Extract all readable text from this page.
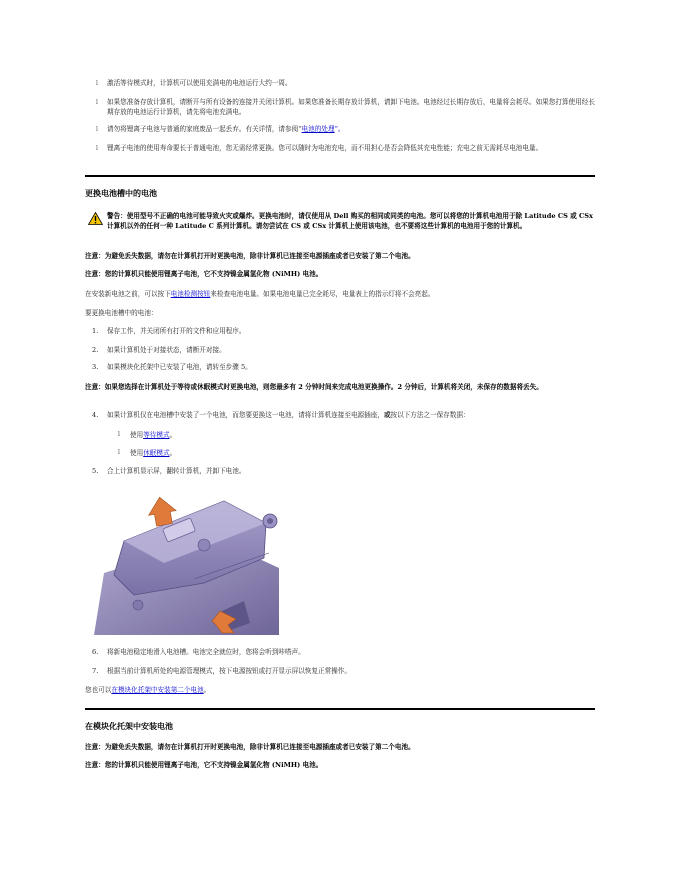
l 激活等待模式时，计算机可以使用充满电的电池运行大约一周。
l 如果您准备存放计算机，请断开与所有设备的连接并关闭计算机。如果您准备长期存放计算机，请卸下电池。电池经过长期存放后，电量将会耗尽。如果您打算使用经长期存放的电池运行计算机，请先将电池充满电。
l 请勿将锂离子电池与普通的家庭废品一起丢弃。有关详情，请参阅“电池的处理”。
l 锂离子电池的使用寿命要长于普通电池，您无需经常更换。您可以随时为电池充电，而不用担心是否会降低其充电性能；充电之前无需耗尽电池电量。
更换电池槽中的电池
警告：使用型号不正确的电池可能导致火灾或爆炸。更换电池时，请仅使用从 Dell 购买的相同或同类的电池。您可以将您的计算机电池用于除 Latitude CS 或 CSx 计算机以外的任何一种 Latitude C 系列计算机。请勿尝试在 CS 或 CSx 计算机上使用该电池，也不要将这些计算机的电池用于您的计算机。
注意：为避免丢失数据，请勿在计算机打开时更换电池，除非计算机已连接至电源插座或者已安装了第二个电池。
注意：您的计算机只能使用锂离子电池，它不支持镍金属氢化物 (NiMH) 电池。
在安装新电池之前，可以按下电池检测按钮来检查电池电量。如果电池电量已完全耗尽，电量表上的指示灯将不会亮起。
要更换电池槽中的电池：
1. 保存工作，并关闭所有打开的文件和应用程序。
2. 如果计算机处于对接状态，请断开对接。
3. 如果模块化托架中已安装了电池，请转至步骤 5。
注意：如果您选择在计算机处于等待或休眠模式时更换电池，则您最多有 2 分钟时间来完成电池更换操作。2 分钟后，计算机将关闭，未保存的数据将丢失。
4. 如果计算机仅在电池槽中安装了一个电池，而您要更换这一电池，请将计算机连接至电源插座，或按以下方法之一保存数据：
l 使用等待模式。
l 使用休眠模式。
5. 合上计算机显示屏，翻转计算机，并卸下电池。
6. 将新电池稳定地滑入电池槽。电池完全就位时，您将会听到咔嗒声。
7. 根据当前计算机所处的电源管理模式，按下电源按钮或打开显示屏以恢复正常操作。
您也可以在模块化托架中安装第二个电池。
在模块化托架中安装电池
注意：为避免丢失数据，请勿在计算机打开时更换电池，除非计算机已连接至电源插座或者已安装了第二个电池。
注意：您的计算机只能使用锂离子电池，它不支持镍金属氢化物 (NiMH) 电池。
